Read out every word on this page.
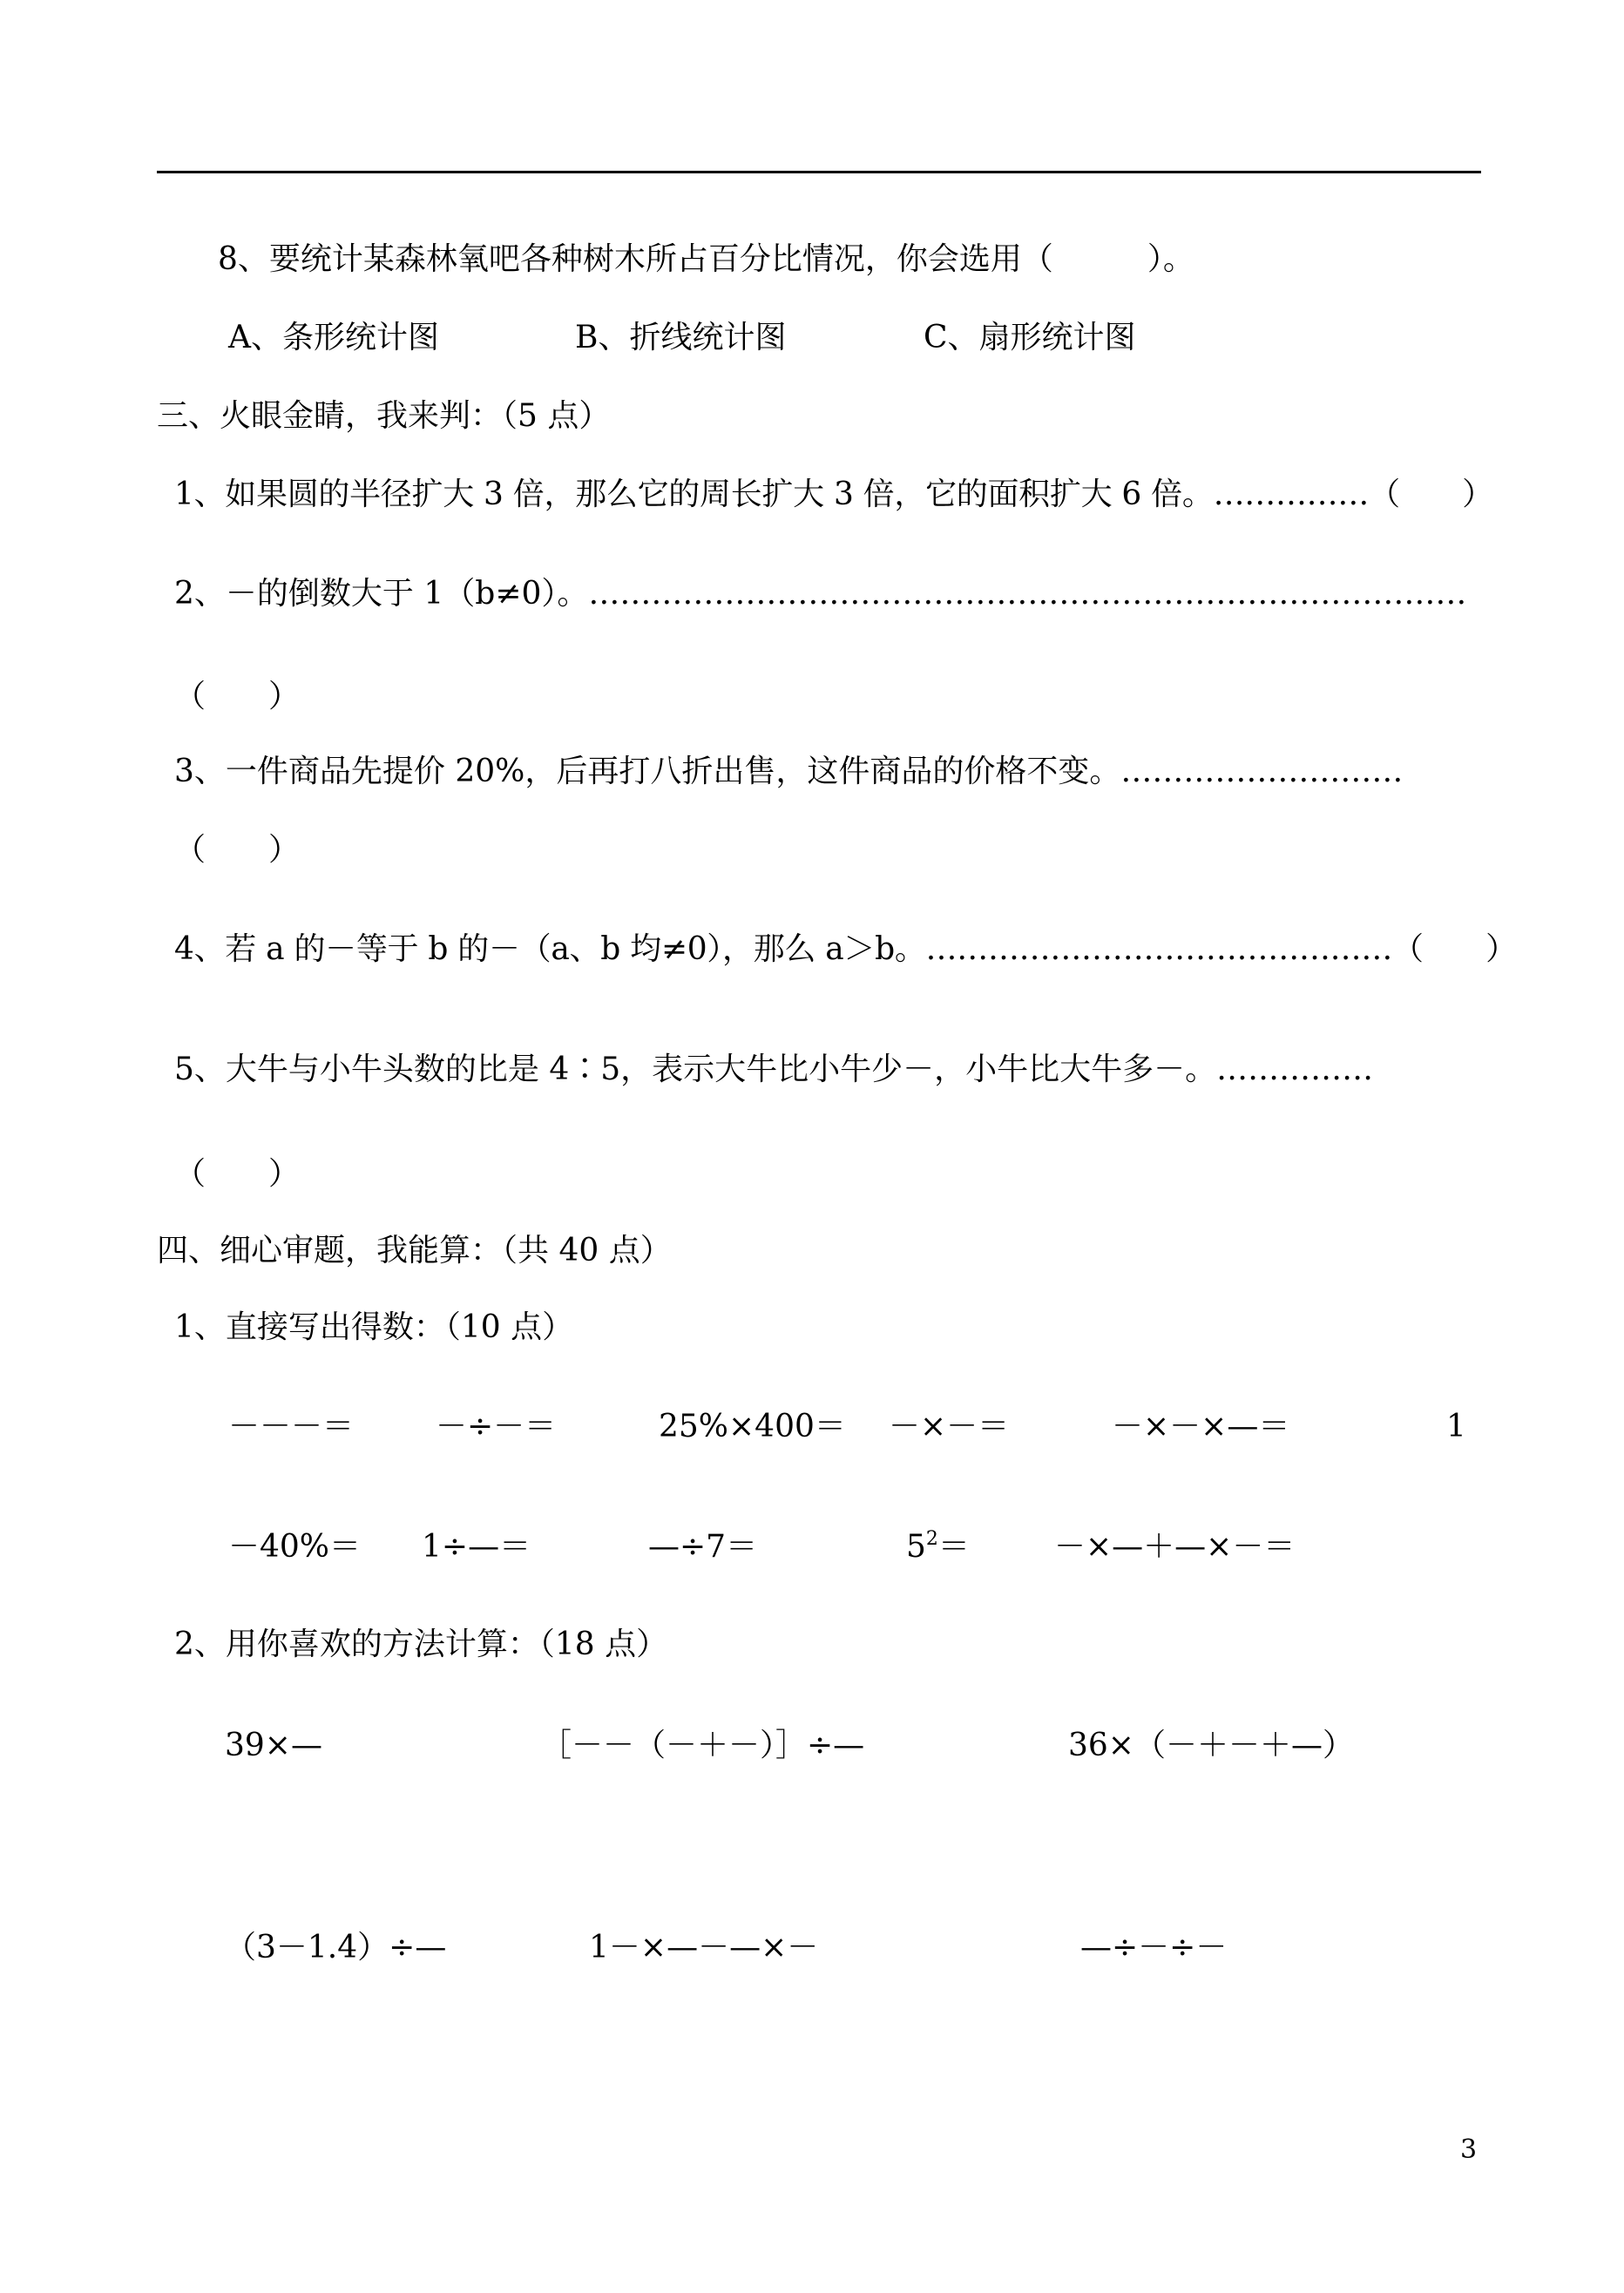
8、要统计某森林氧吧各种树木所占百分比情况，你会选用（　　　）。
A、条形统计图	B、折线统计图	C、扇形统计图
三、火眼金睛，我来判：（5 点）
1、如果圆的半径扩大 3 倍，那么它的周长扩大 3 倍，它的面积扩大 6 倍。……………（　　）
2、－的倒数大于 1（b≠0）。…………………………………………………………………………
（　　）
3、一件商品先提价 20%，后再打八折出售，这件商品的价格不变。………………………
（　　）
4、若 a 的－等于 b 的－（a、b 均≠0），那么 a＞b。………………………………………（　　）
5、大牛与小牛头数的比是 4∶5，表示大牛比小牛少－，小牛比大牛多－。……………
（　　）
四、细心审题，我能算：（共 40 点）
1、直接写出得数：（10 点）
－－－＝	－÷－＝	25%×400＝ －×－＝	－×－×—＝	1
－40%＝ 1÷—＝	—÷7＝	$5^2=$	－×—＋—×－＝
2、用你喜欢的方法计算：（18 点）
39×—	［－－（－＋－）］÷—	36×（－＋－＋—）
（3－1.4）÷—	1－×—－—×－	—÷－÷－
3
